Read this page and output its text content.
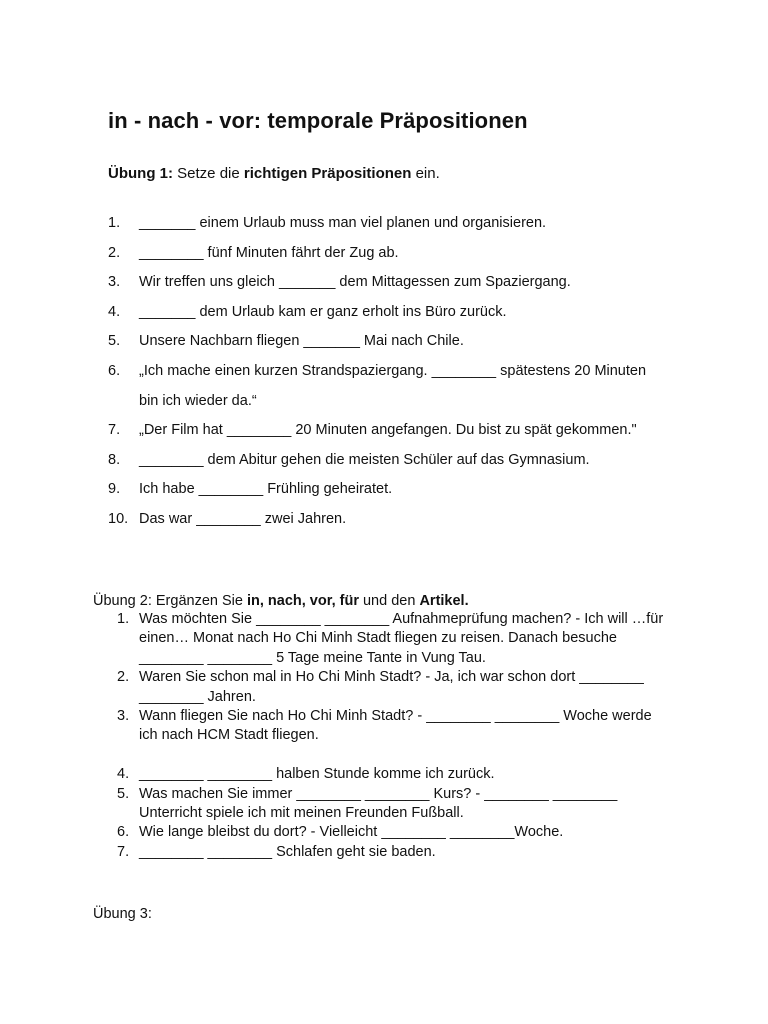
in - nach - vor: temporale Präpositionen
Übung 1: Setze die richtigen Präpositionen ein.
1.	_______ einem Urlaub muss man viel planen und organisieren.
2.	________ fünf Minuten fährt der Zug ab.
3.	Wir treffen uns gleich _______ dem Mittagessen zum Spaziergang.
4.	_______ dem Urlaub kam er ganz erholt ins Büro zurück.
5.	Unsere Nachbarn fliegen _______ Mai nach Chile.
6.	„Ich mache einen kurzen Strandspaziergang. ________ spätestens 20 Minuten bin ich wieder da.“
7.	„Der Film hat ________ 20 Minuten angefangen. Du bist zu spät gekommen."
8.	________ dem Abitur gehen die meisten Schüler auf das Gymnasium.
9.	Ich habe ________ Frühling geheiratet.
10. Das war ________ zwei Jahren.
Übung 2: Ergänzen Sie in, nach, vor, für und den Artikel.
1. Was möchten Sie ________ ________ Aufnahmeprüfung machen? - Ich will …für einen… Monat nach Ho Chi Minh Stadt fliegen zu reisen. Danach besuche ________ ________ 5 Tage meine Tante in Vung Tau.
2. Waren Sie schon mal in Ho Chi Minh Stadt? - Ja, ich war schon dort ________ ________ Jahren.
3. Wann fliegen Sie nach Ho Chi Minh Stadt? - ________ ________ Woche werde ich nach HCM Stadt fliegen.
4. ________ ________ halben Stunde komme ich zurück.
5. Was machen Sie immer ________ ________ Kurs? - ________ ________ Unterricht spiele ich mit meinen Freunden Fußball.
6. Wie lange bleibst du dort? - Vielleicht ________ ________Woche.
7. ________ ________ Schlafen geht sie baden.
Übung 3:
